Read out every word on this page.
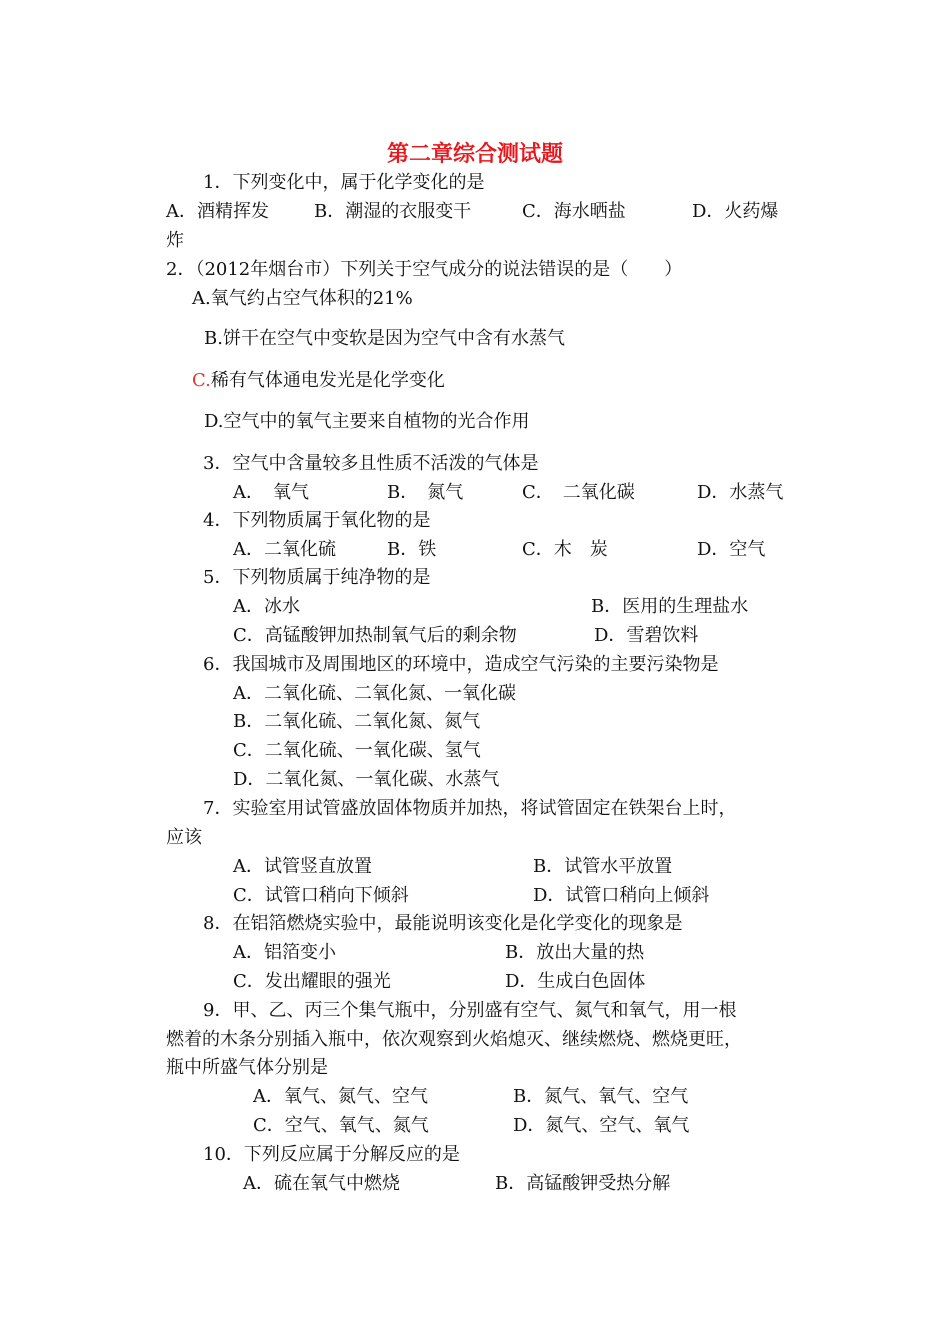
第二章综合测试题
1．下列变化中，属于化学变化的是
A．酒精挥发	B．潮湿的衣服变干	C．海水晒盐	D．火药爆
炸
2．（2012年烟台市）下列关于空气成分的说法错误的是（　　）
A.氧气约占空气体积的21%
B.饼干在空气中变软是因为空气中含有水蒸气
C.稀有气体通电发光是化学变化
D.空气中的氧气主要来自植物的光合作用
3．空气中含量较多且性质不活泼的气体是
A．　氧气	B．　氮气	C．　二氧化碳	D．水蒸气
4．下列物质属于氧化物的是
A．二氧化硫	B．铁	C．木　炭	D．空气
5．下列物质属于纯净物的是
A．冰水	B．医用的生理盐水
C．高锰酸钾加热制氧气后的剩余物	D．雪碧饮料
6．我国城市及周围地区的环境中，造成空气污染的主要污染物是
A．二氧化硫、二氧化氮、一氧化碳
B．二氧化硫、二氧化氮、氮气
C．二氧化硫、一氧化碳、氢气
D．二氧化氮、一氧化碳、水蒸气
7．实验室用试管盛放固体物质并加热，将试管固定在铁架台上时，
应该
A．试管竖直放置	B．试管水平放置
C．试管口稍向下倾斜	D．试管口稍向上倾斜
8．在铝箔燃烧实验中，最能说明该变化是化学变化的现象是
A．铝箔变小	B．放出大量的热
C．发出耀眼的强光	D．生成白色固体
9．甲、乙、丙三个集气瓶中，分别盛有空气、氮气和氧气，用一根
燃着的木条分别插入瓶中，依次观察到火焰熄灭、继续燃烧、燃烧更旺，
瓶中所盛气体分别是
A．氧气、氮气、空气	B．氮气、氧气、空气
C．空气、氧气、氮气	D．氮气、空气、氧气
10．下列反应属于分解反应的是
A．硫在氧气中燃烧	B．高锰酸钾受热分解
